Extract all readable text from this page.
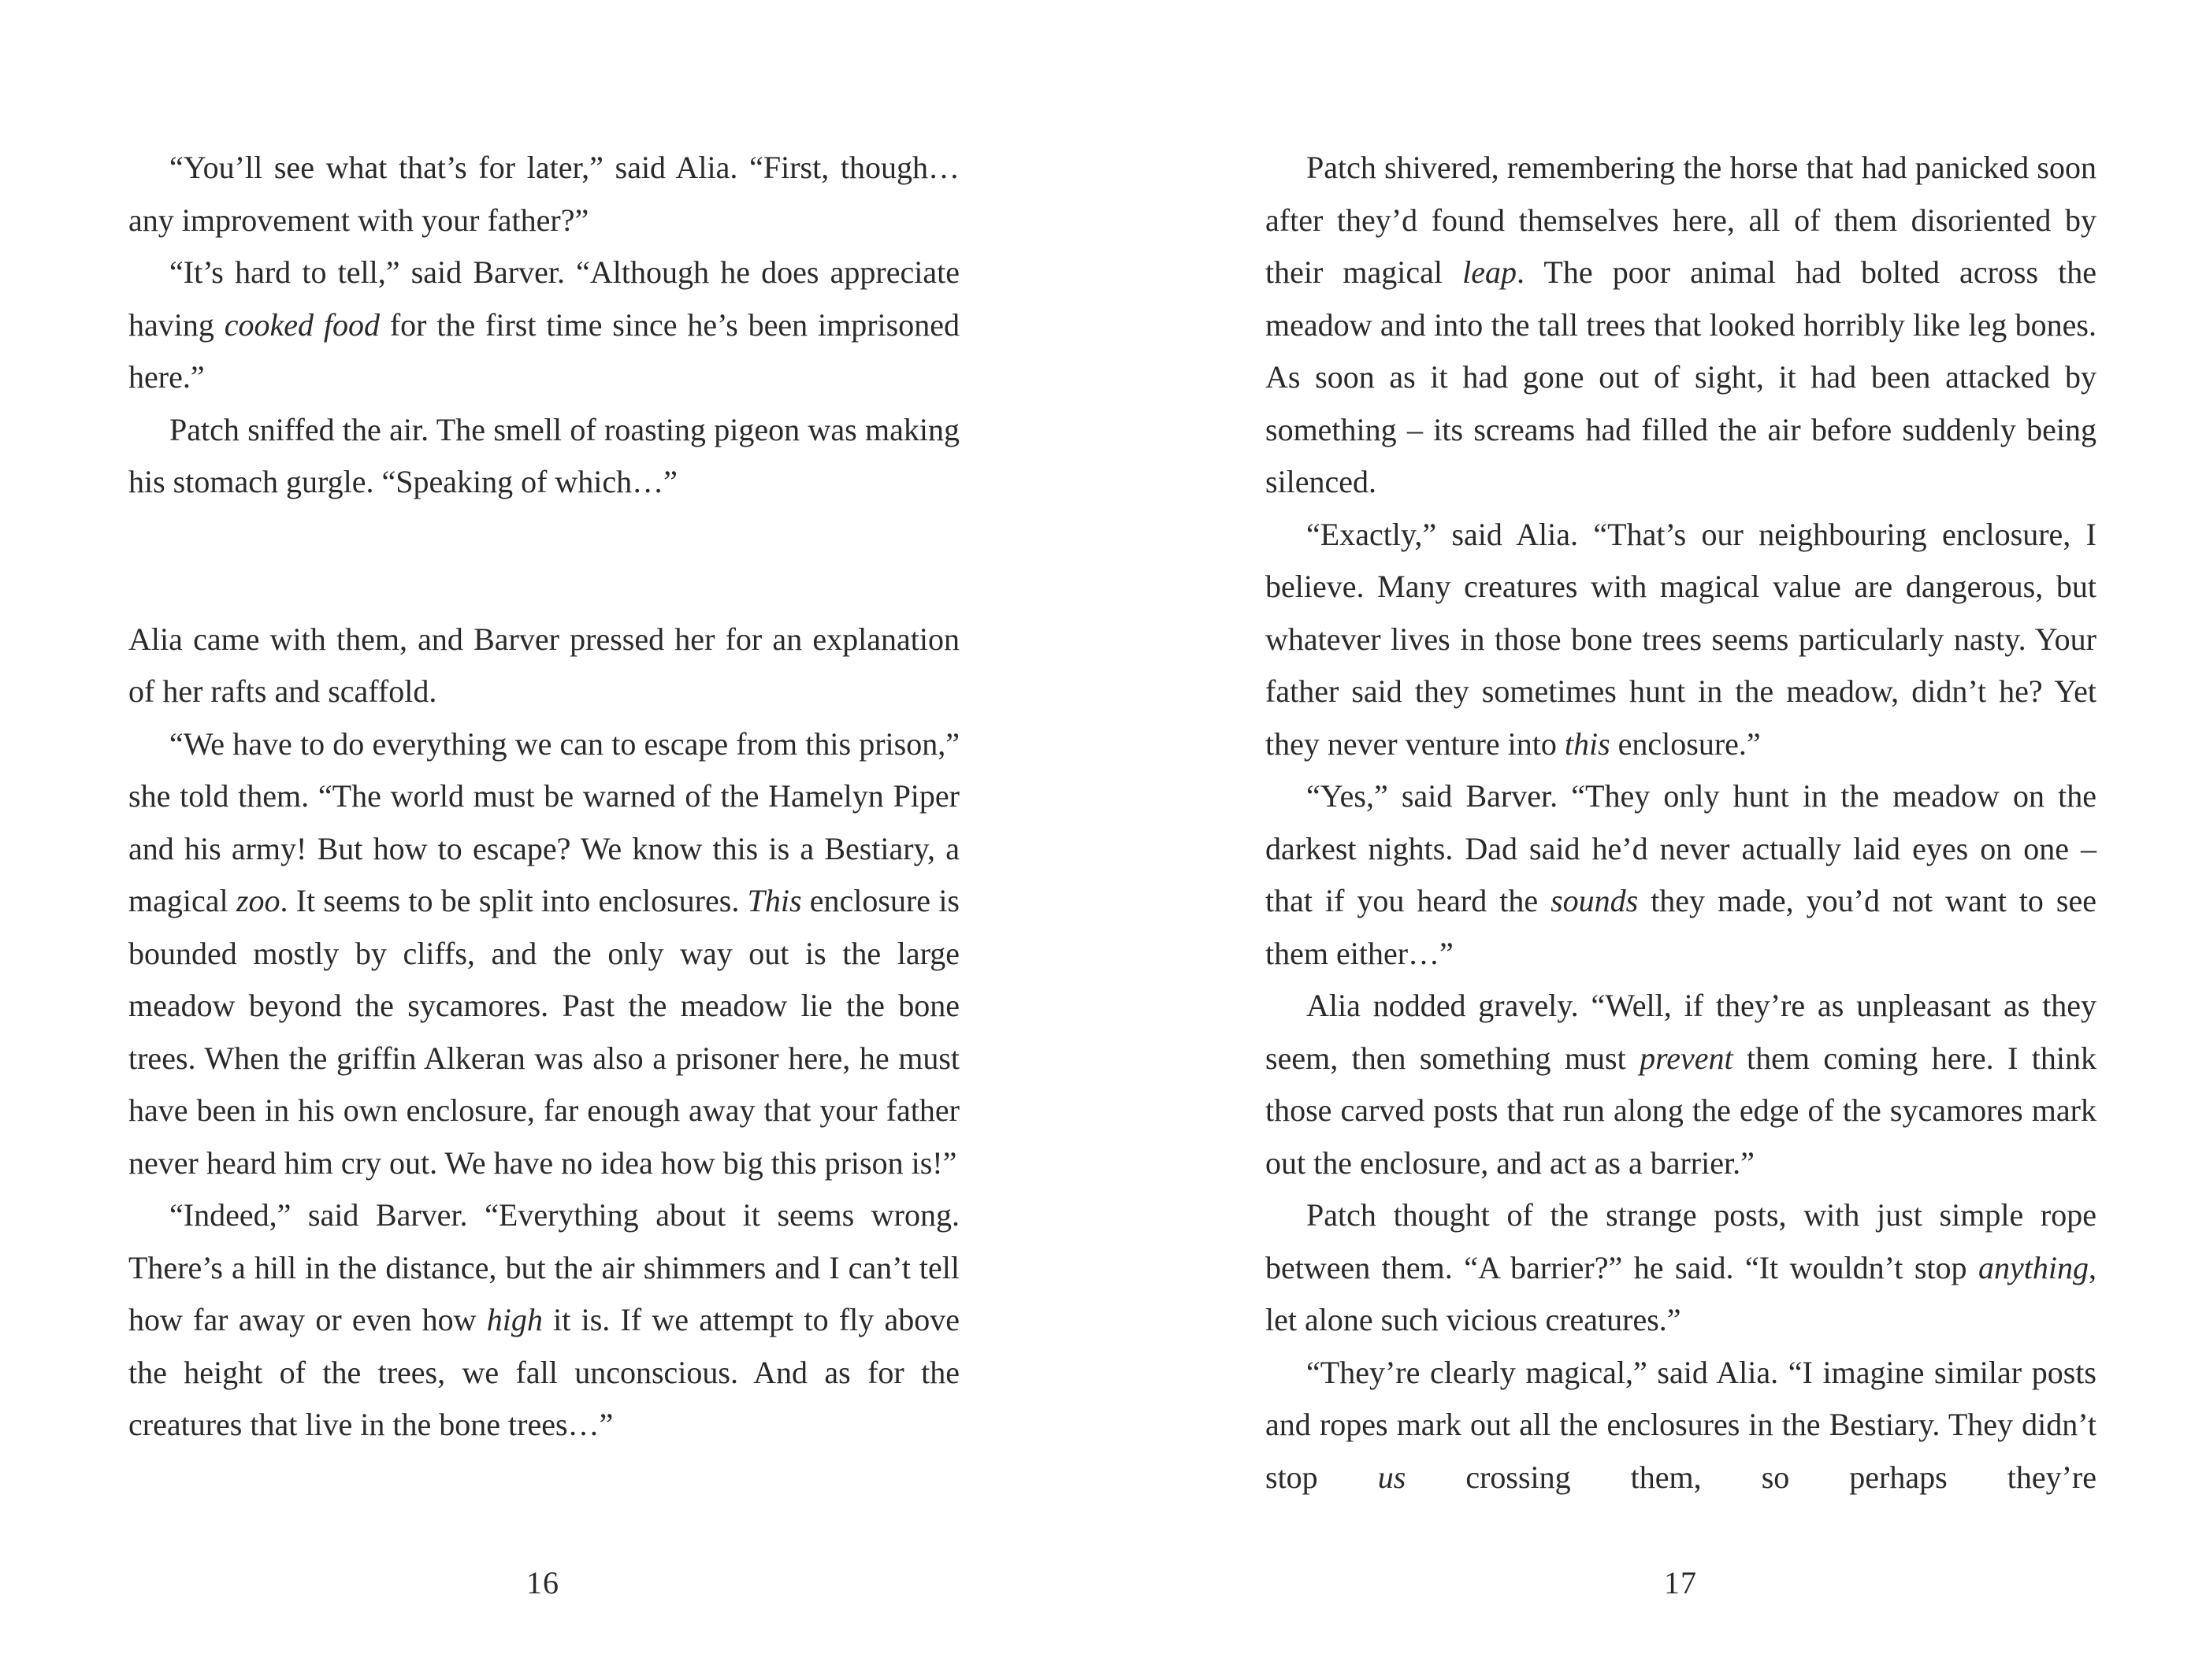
“You’ll see what that’s for later,” said Alia. “First, though…any improvement with your father?”

“It’s hard to tell,” said Barver. “Although he does appreciate having cooked food for the first time since he’s been imprisoned here.”

Patch sniffed the air. The smell of roasting pigeon was making his stomach gurgle. “Speaking of which…”

Alia came with them, and Barver pressed her for an explanation of her rafts and scaffold.

“We have to do everything we can to escape from this prison,” she told them. “The world must be warned of the Hamelyn Piper and his army! But how to escape? We know this is a Bestiary, a magical zoo. It seems to be split into enclosures. This enclosure is bounded mostly by cliffs, and the only way out is the large meadow beyond the sycamores. Past the meadow lie the bone trees. When the griffin Alkeran was also a prisoner here, he must have been in his own enclosure, far enough away that your father never heard him cry out. We have no idea how big this prison is!”

“Indeed,” said Barver. “Everything about it seems wrong. There’s a hill in the distance, but the air shimmers and I can’t tell how far away or even how high it is. If we attempt to fly above the height of the trees, we fall unconscious. And as for the creatures that live in the bone trees…”

16

Patch shivered, remembering the horse that had panicked soon after they’d found themselves here, all of them disoriented by their magical leap. The poor animal had bolted across the meadow and into the tall trees that looked horribly like leg bones. As soon as it had gone out of sight, it had been attacked by something – its screams had filled the air before suddenly being silenced.

“Exactly,” said Alia. “That’s our neighbouring enclosure, I believe. Many creatures with magical value are dangerous, but whatever lives in those bone trees seems particularly nasty. Your father said they sometimes hunt in the meadow, didn’t he? Yet they never venture into this enclosure.”

“Yes,” said Barver. “They only hunt in the meadow on the darkest nights. Dad said he’d never actually laid eyes on one – that if you heard the sounds they made, you’d not want to see them either…”

Alia nodded gravely. “Well, if they’re as unpleasant as they seem, then something must prevent them coming here. I think those carved posts that run along the edge of the sycamores mark out the enclosure, and act as a barrier.”

Patch thought of the strange posts, with just simple rope between them. “A barrier?” he said. “It wouldn’t stop anything, let alone such vicious creatures.”

“They’re clearly magical,” said Alia. “I imagine similar posts and ropes mark out all the enclosures in the Bestiary. They didn’t stop us crossing them, so perhaps they’re

17
